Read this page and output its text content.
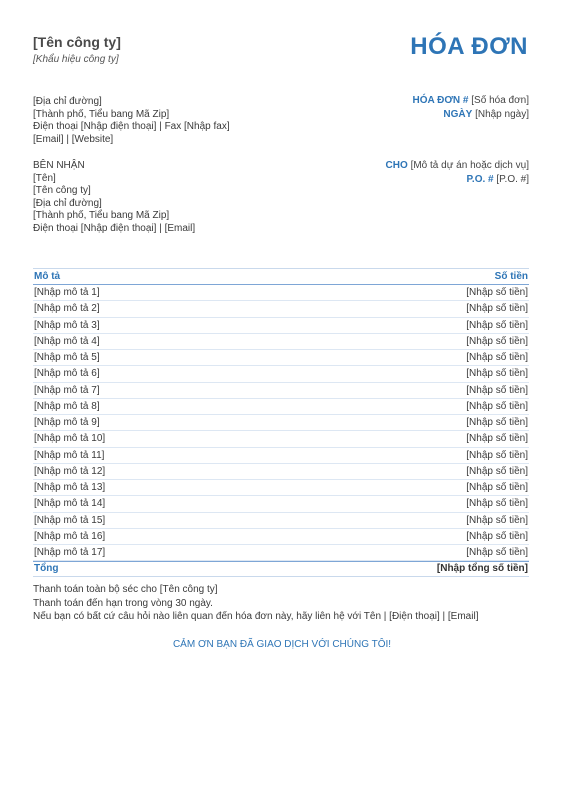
[Tên công ty]
[Khẩu hiệu công ty]	HÓA ĐƠN
[Địa chỉ đường]
[Thành phố, Tiểu bang Mã Zip]
Điện thoại [Nhập điện thoại] | Fax [Nhập fax]
[Email] | [Website]
HÓA ĐƠN # [Số hóa đơn]
NGÀY [Nhập ngày]
BÊN NHẬN
[Tên]
[Tên công ty]
[Địa chỉ đường]
[Thành phố, Tiểu bang Mã Zip]
Điện thoại [Nhập điện thoại] | [Email]
CHO [Mô tả dự án hoặc dịch vụ]
P.O. # [P.O. #]
Mô tả	Số tiền
[Nhập mô tả 1]	[Nhập số tiền]
[Nhập mô tả 2]	[Nhập số tiền]
[Nhập mô tả 3]	[Nhập số tiền]
[Nhập mô tả 4]	[Nhập số tiền]
[Nhập mô tả 5]	[Nhập số tiền]
[Nhập mô tả 6]	[Nhập số tiền]
[Nhập mô tả 7]	[Nhập số tiền]
[Nhập mô tả 8]	[Nhập số tiền]
[Nhập mô tả 9]	[Nhập số tiền]
[Nhập mô tả 10]	[Nhập số tiền]
[Nhập mô tả 11]	[Nhập số tiền]
[Nhập mô tả 12]	[Nhập số tiền]
[Nhập mô tả 13]	[Nhập số tiền]
[Nhập mô tả 14]	[Nhập số tiền]
[Nhập mô tả 15]	[Nhập số tiền]
[Nhập mô tả 16]	[Nhập số tiền]
[Nhập mô tả 17]	[Nhập số tiền]
Tổng	[Nhập tổng số tiền]
Thanh toán toàn bộ séc cho [Tên công ty]
Thanh toán đến hạn trong vòng 30 ngày.
Nếu bạn có bất cứ câu hỏi nào liên quan đến hóa đơn này, hãy liên hệ với Tên | [Điện thoại] | [Email]
CẢM ƠN BẠN ĐÃ GIAO DỊCH VỚI CHÚNG TÔI!
